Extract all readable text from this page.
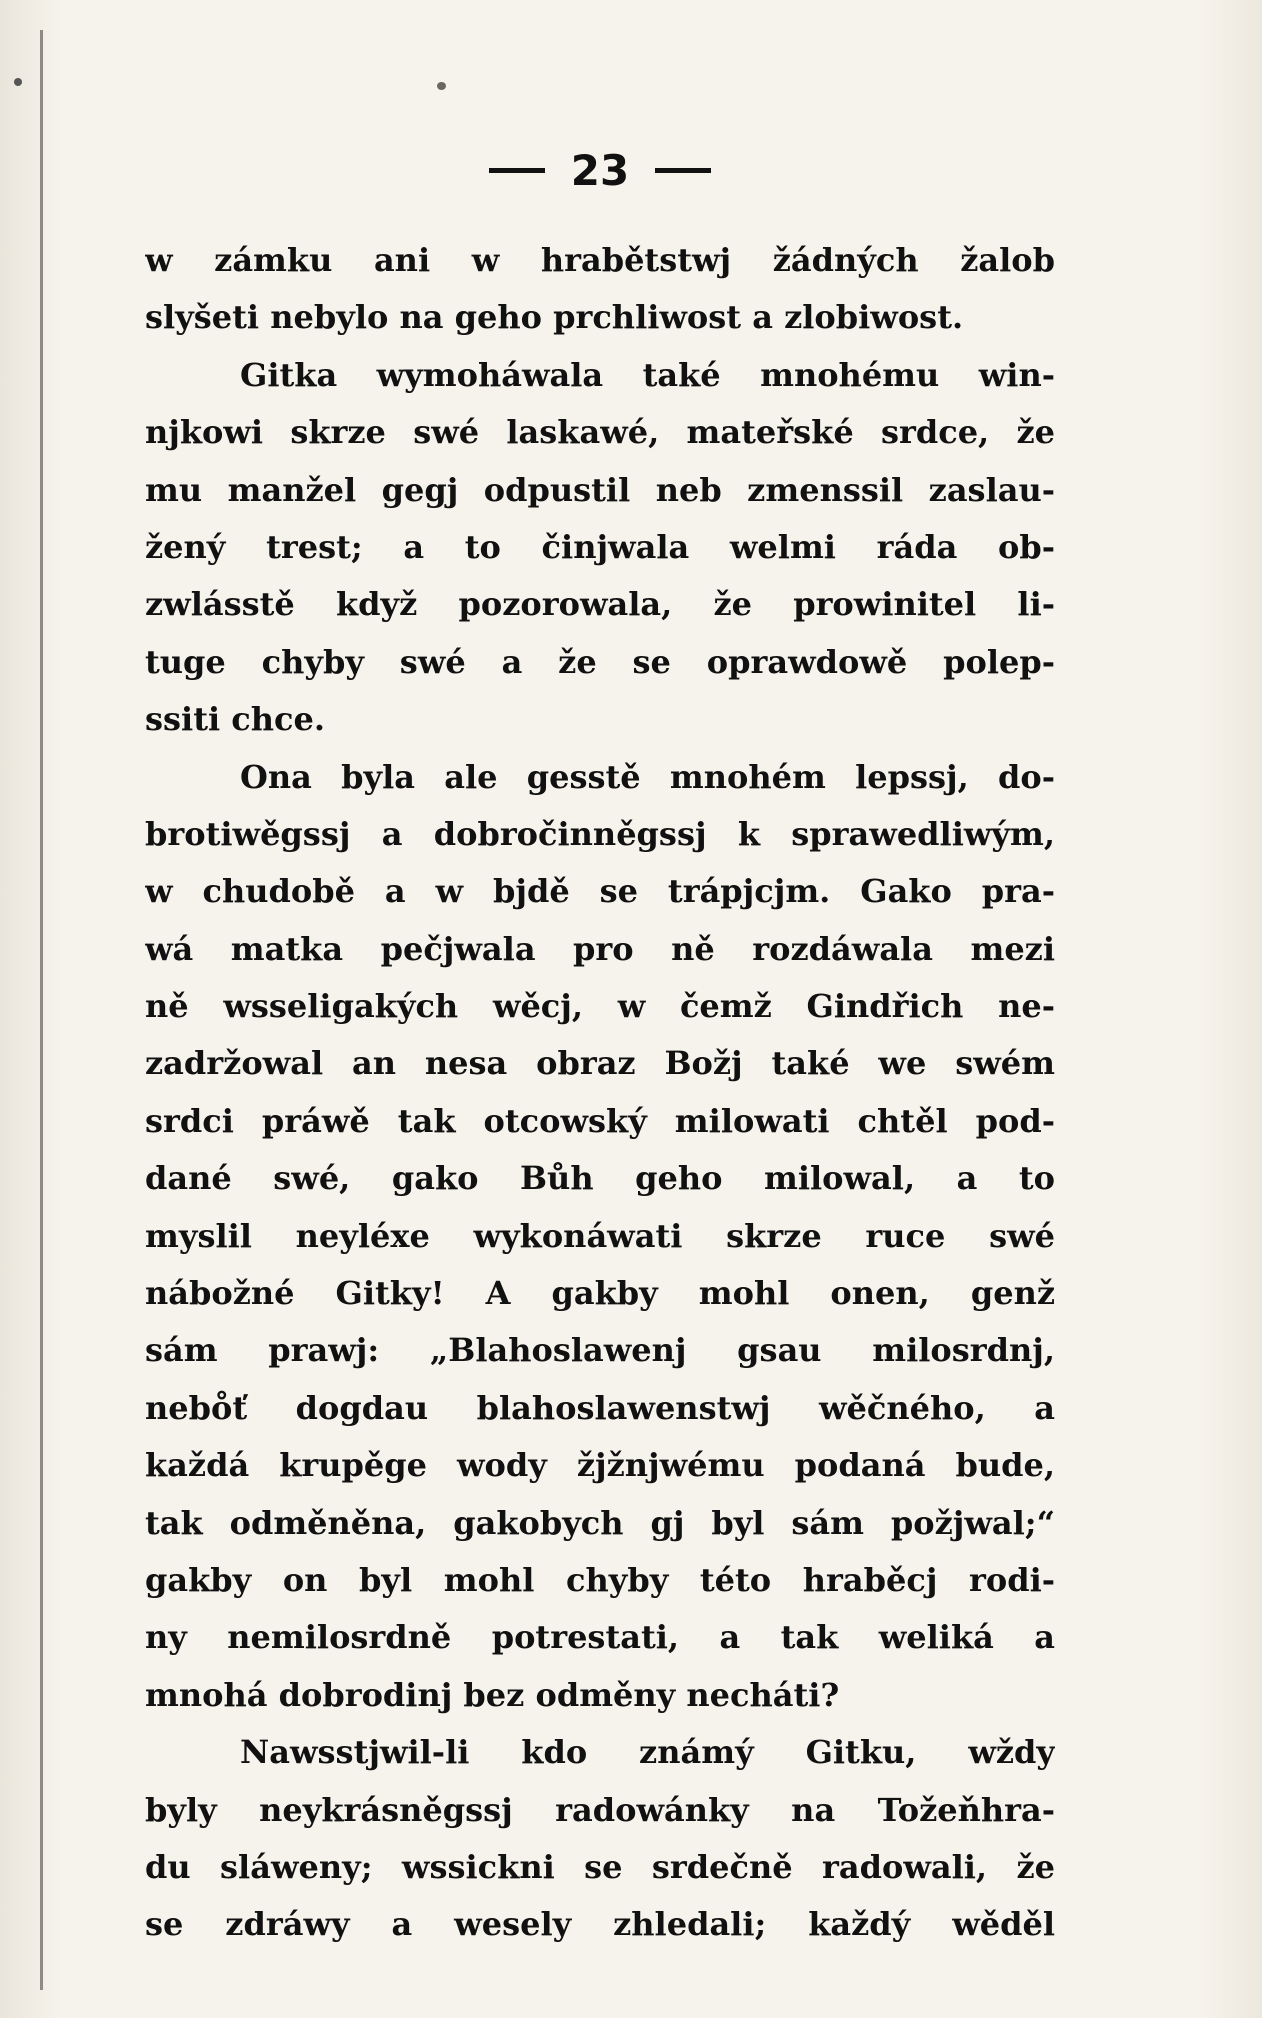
23
w zámku ani w hrabětstwj žádných žalob
slyšeti nebylo na geho prchliwost a zlobiwost.
Gitka wymoháwala také mnohému win-
njkowi skrze swé laskawé, mateřské srdce, že
mu manžel gegj odpustil neb zmenssil zaslau-
žený trest; a to činjwala welmi ráda ob-
zwlásstě když pozorowala, že prowinitel li-
tuge chyby swé a že se oprawdowě polep-
ssiti chce.
Ona byla ale gesstě mnohém lepssj, do-
brotiwěgssj a dobročinněgssj k sprawedliwým,
w chudobě a w bjdě se trápjcjm. Gako pra-
wá matka pečjwala pro ně rozdáwala mezi
ně wsseligakých wěcj, w čemž Gindřich ne-
zadržowal an nesa obraz Božj také we swém
srdci práwě tak otcowský milowati chtěl pod-
dané swé, gako Bůh geho milowal, a to
myslil neyléxe wykonáwati skrze ruce swé
nábožné Gitky! A gakby mohl onen, genž
sám prawj: „Blahoslawenj gsau milosrdnj,
nebo̊ť dogdau blahoslawenstwj wěčného, a
každá krupěge wody žjžnjwému podaná bude,
tak odměněna, gakobych gj byl sám požjwal;“
gakby on byl mohl chyby této hraběcj rodi-
ny nemilosrdně potrestati, a tak weliká a
mnohá dobrodinj bez odměny necháti?
Nawsstjwil-li kdo známý Gitku, wždy
byly neykrásněgssj radowánky na Tožeňhra-
du sláweny; wssickni se srdečně radowali, že
se zdráwy a wesely zhledali; každý wěděl
